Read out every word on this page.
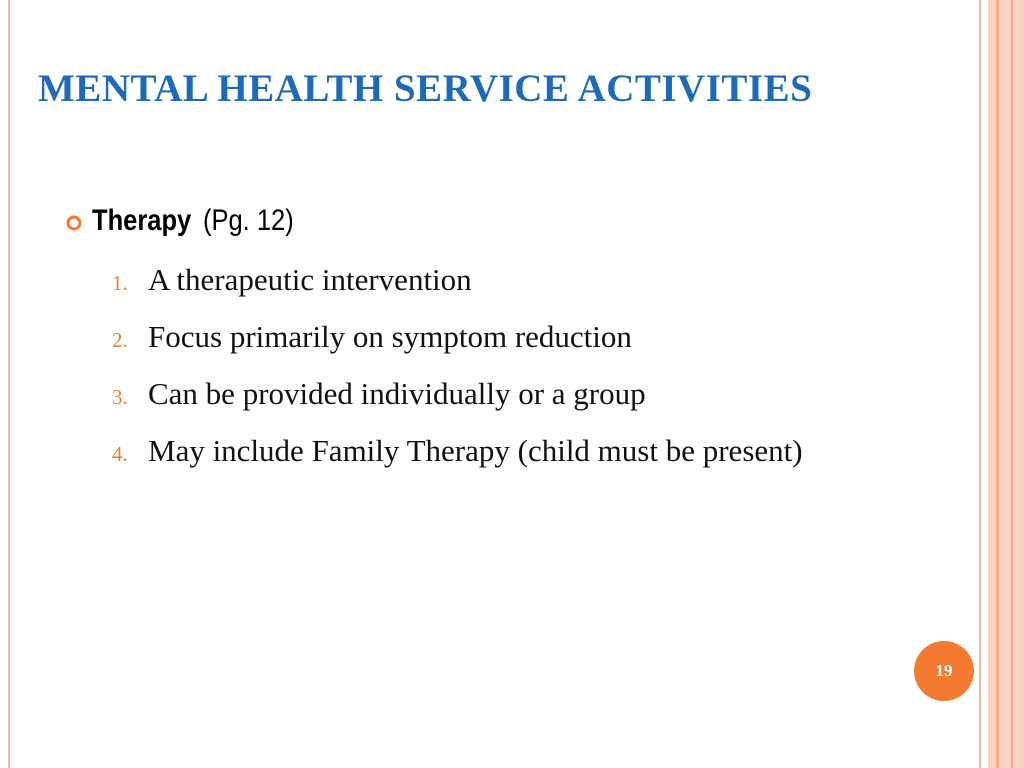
MENTAL HEALTH SERVICE ACTIVITIES
Therapy (Pg. 12)
1. A therapeutic intervention
2. Focus primarily on symptom reduction
3. Can be provided individually or a group
4. May include Family Therapy (child must be present)
19
